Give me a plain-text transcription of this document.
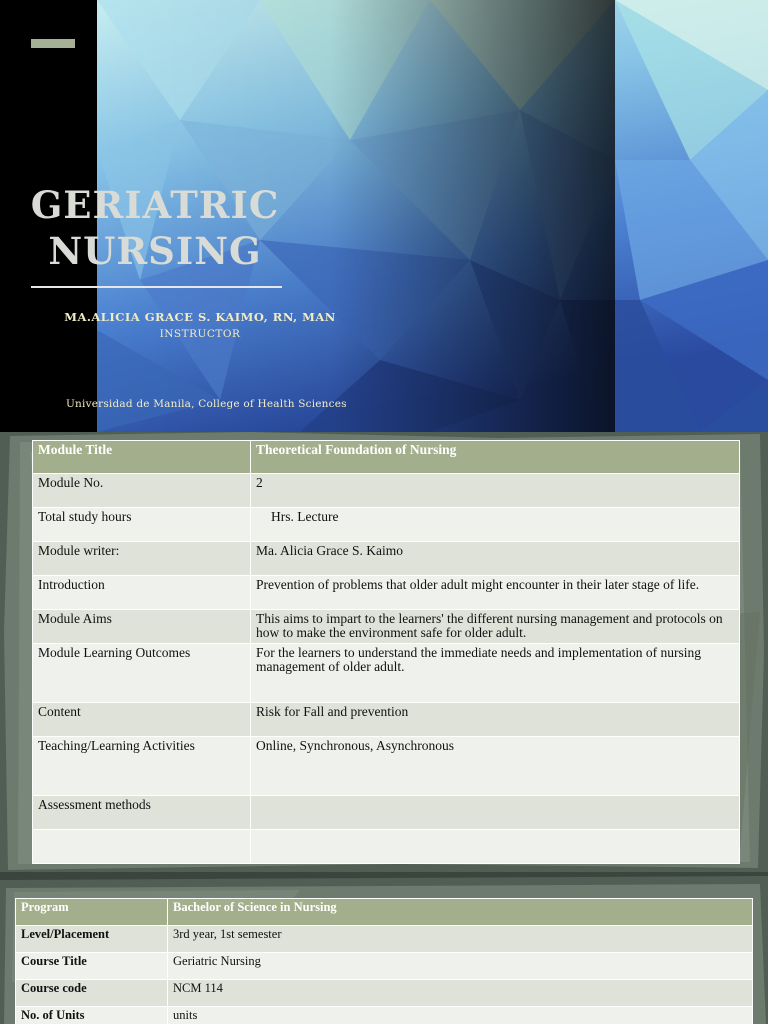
GERIATRIC
NURSING
MA.ALICIA GRACE S. KAIMO, RN, MAN
INSTRUCTOR
Universidad de Manila, College of Health Sciences
Module Title	Theoretical Foundation of Nursing
Module No.	2
Total study hours	Hrs. Lecture
Module writer:	Ma. Alicia Grace S. Kaimo
Introduction	Prevention of problems that older adult might encounter in their later stage of life.
Module Aims	This aims to impart to the learners' the different nursing management and protocols on how to make the environment safe for older adult.
Module Learning Outcomes	For the learners to understand the immediate needs and implementation of nursing management of older adult.
Content	Risk for Fall and prevention
Teaching/Learning Activities	Online, Synchronous, Asynchronous
Assessment methods	

Program	Bachelor of Science in Nursing
Level/Placement	3rd year, 1st semester
Course Title	Geriatric Nursing
Course code	NCM 114
No. of Units	units
